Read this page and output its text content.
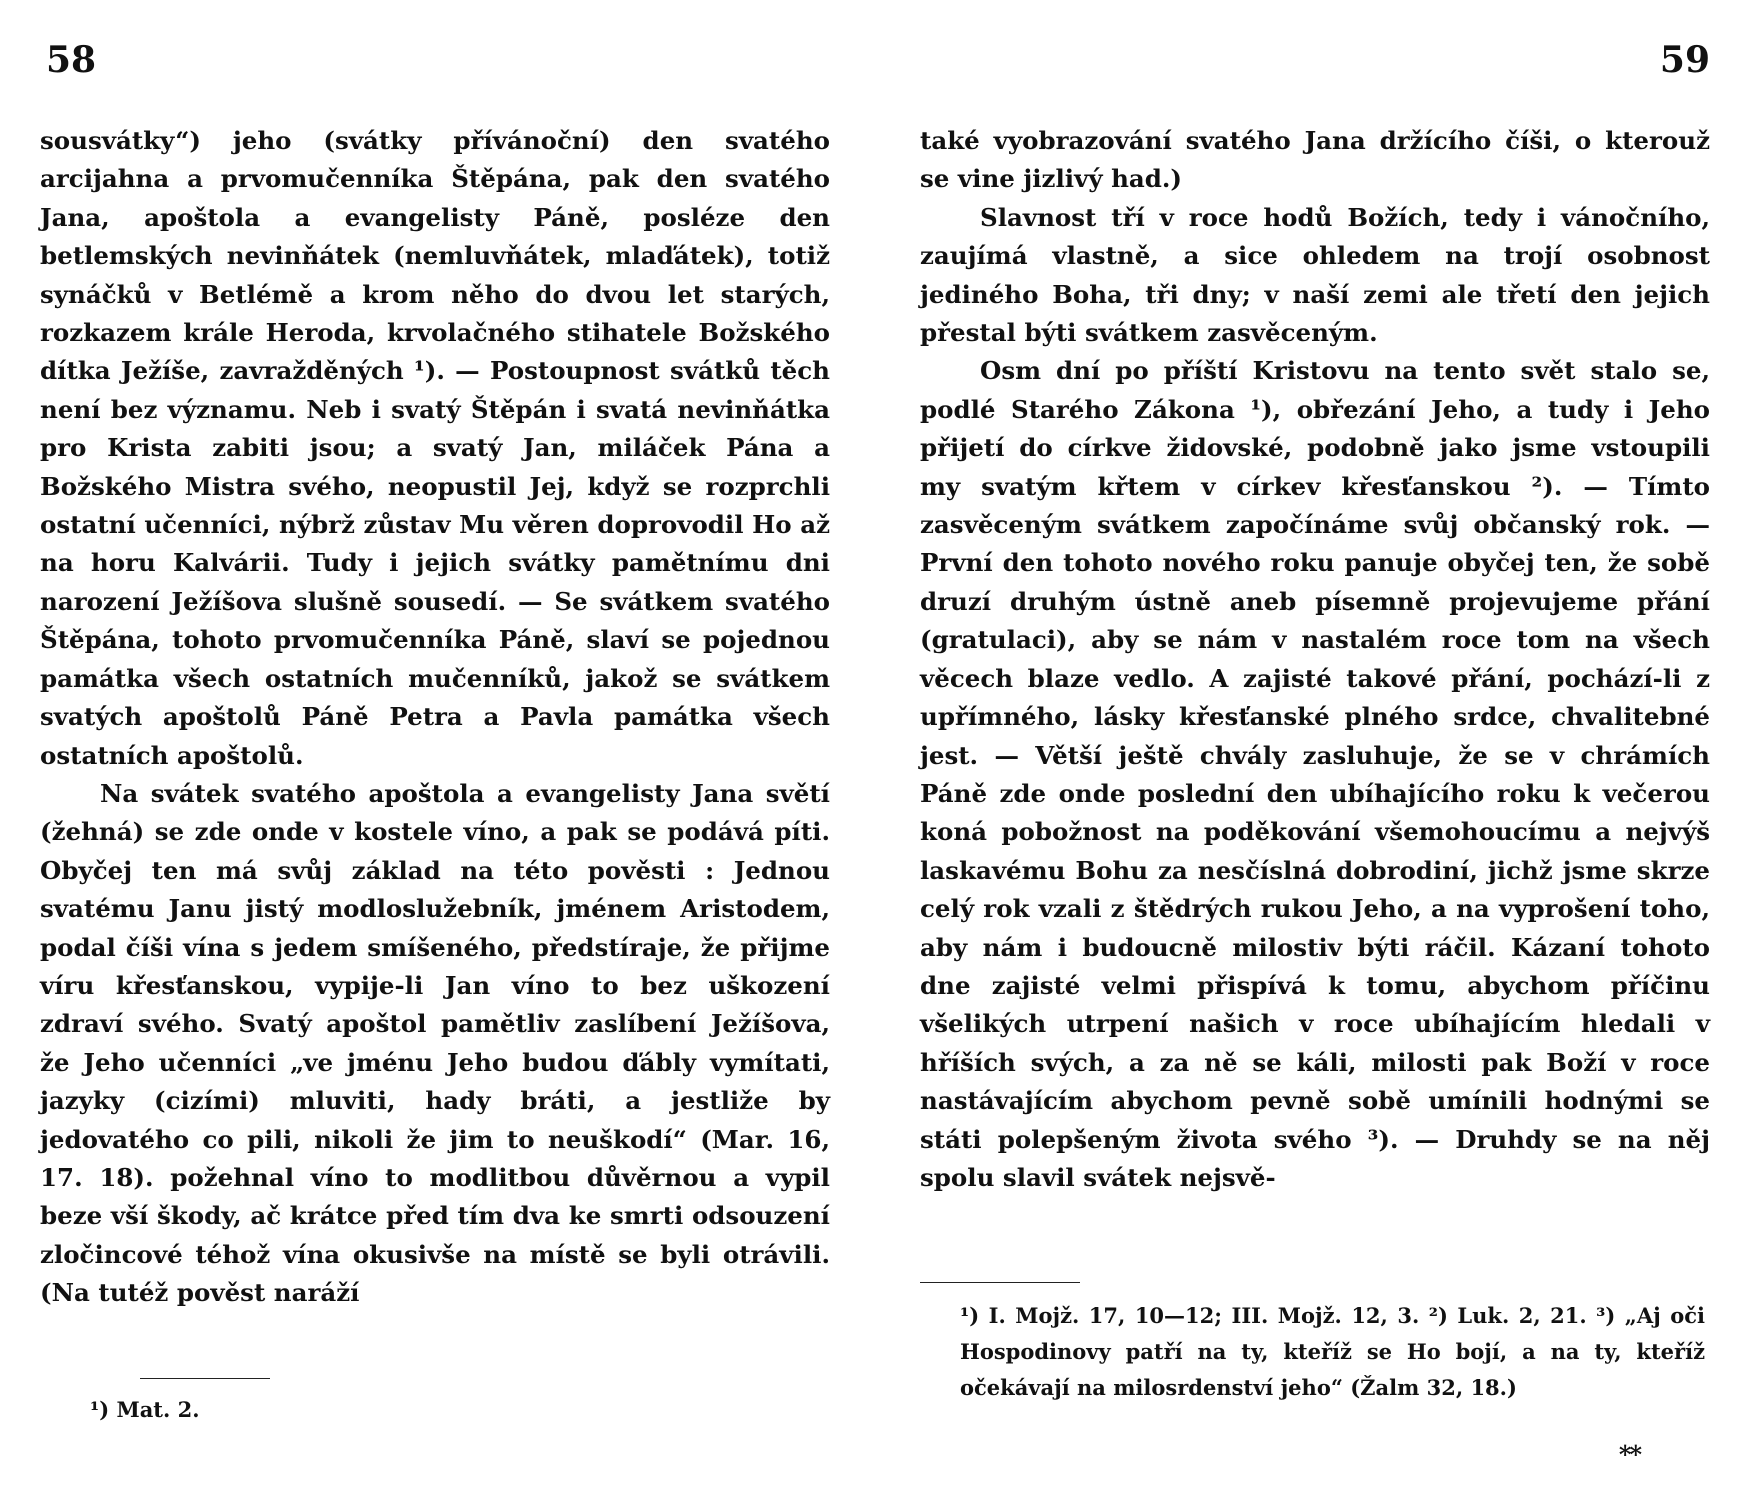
58

sousvátky“) jeho (svátky přívánoční) den svatého arcijahna a prvomučenníka Štěpána, pak den svatého Jana, apoštola a evangelisty Páně, posléze den betlemských nevinňátek (nemluvňátek, mlaďátek), totiž synáčků v Betlémě a krom něho do dvou let starých, rozkazem krále Heroda, krvolačného stihatele Božského dítka Ježíše, zavražděných ¹). — Postoupnost svátků těch není bez významu. Neb i svatý Štěpán i svatá nevinňátka pro Krista zabiti jsou; a svatý Jan, miláček Pána a Božského Mistra svého, neopustil Jej, když se rozprchli ostatní učenníci, nýbrž zůstav Mu věren doprovodil Ho až na horu Kalvárii. Tudy i jejich svátky pamětnímu dni narození Ježíšova slušně sousedí. — Se svátkem svatého Štěpána, tohoto prvomučenníka Páně, slaví se pojednou památka všech ostatních mučenníků, jakož se svátkem svatých apoštolů Páně Petra a Pavla památka všech ostatních apoštolů.

Na svátek svatého apoštola a evangelisty Jana světí (žehná) se zde onde v kostele víno, a pak se podává píti. Obyčej ten má svůj základ na této pověsti : Jednou svatému Janu jistý modloslužebník, jménem Aristodem, podal číši vína s jedem smíšeného, předstíraje, že přijme víru křesťanskou, vypije-li Jan víno to bez uškození zdraví svého. Svatý apoštol pamětliv zaslíbení Ježíšova, že Jeho učenníci „ve jménu Jeho budou ďábly vymítati, jazyky (cizími) mluviti, hady bráti, a jestliže by jedovatého co pili, nikoli že jim to neuškodí“ (Mar. 16, 17. 18). požehnal víno to modlitbou důvěrnou a vypil beze vší škody, ač krátce před tím dva ke smrti odsouzení zločincové téhož vína okusivše na místě se byli otrávili. (Na tutéž pověst naráží

¹) Mat. 2.
59

také vyobrazování svatého Jana držícího číši, o kterouž se vine jizlivý had.)

Slavnost tří v roce hodů Božích, tedy i vánočního, zaujímá vlastně, a sice ohledem na trojí osobnost jediného Boha, tři dny; v naší zemi ale třetí den jejich přestal býti svátkem zasvěceným.

Osm dní po příští Kristovu na tento svět stalo se, podlé Starého Zákona ¹), obřezání Jeho, a tudy i Jeho přijetí do církve židovské, podobně jako jsme vstoupili my svatým křtem v církev křesťanskou ²). — Tímto zasvěceným svátkem započínáme svůj občanský rok. — První den tohoto nového roku panuje obyčej ten, že sobě druzí druhým ústně aneb písemně projevujeme přání (gratulaci), aby se nám v nastalém roce tom na všech věcech blaze vedlo. A zajisté takové přání, pochází-li z upřímného, lásky křesťanské plného srdce, chvalitebné jest. — Větší ještě chvály zasluhuje, že se v chrámích Páně zde onde poslední den ubíhajícího roku k večerou koná pobožnost na poděkování všemohoucímu a nejvýš laskavému Bohu za nesčíslná dobrodiní, jichž jsme skrze celý rok vzali z štědrých rukou Jeho, a na vyprošení toho, aby nám i budoucně milostiv býti ráčil. Kázaní tohoto dne zajisté velmi přispívá k tomu, abychom příčinu všelikých utrpení našich v roce ubíhajícím hledali v hříších svých, a za ně se káli, milosti pak Boží v roce nastávajícím abychom pevně sobě umínili hodnými se státi polepšeným života svého ³). — Druhdy se na něj spolu slavil svátek nejsvě-

¹) I. Mojž. 17, 10—12; III. Mojž. 12, 3. ²) Luk. 2, 21. ³) „Aj oči Hospodinovy patří na ty, kteříž se Ho bojí, a na ty, kteříž očekávají na milosrdenství jeho“ (Žalm 32, 18.)
**
